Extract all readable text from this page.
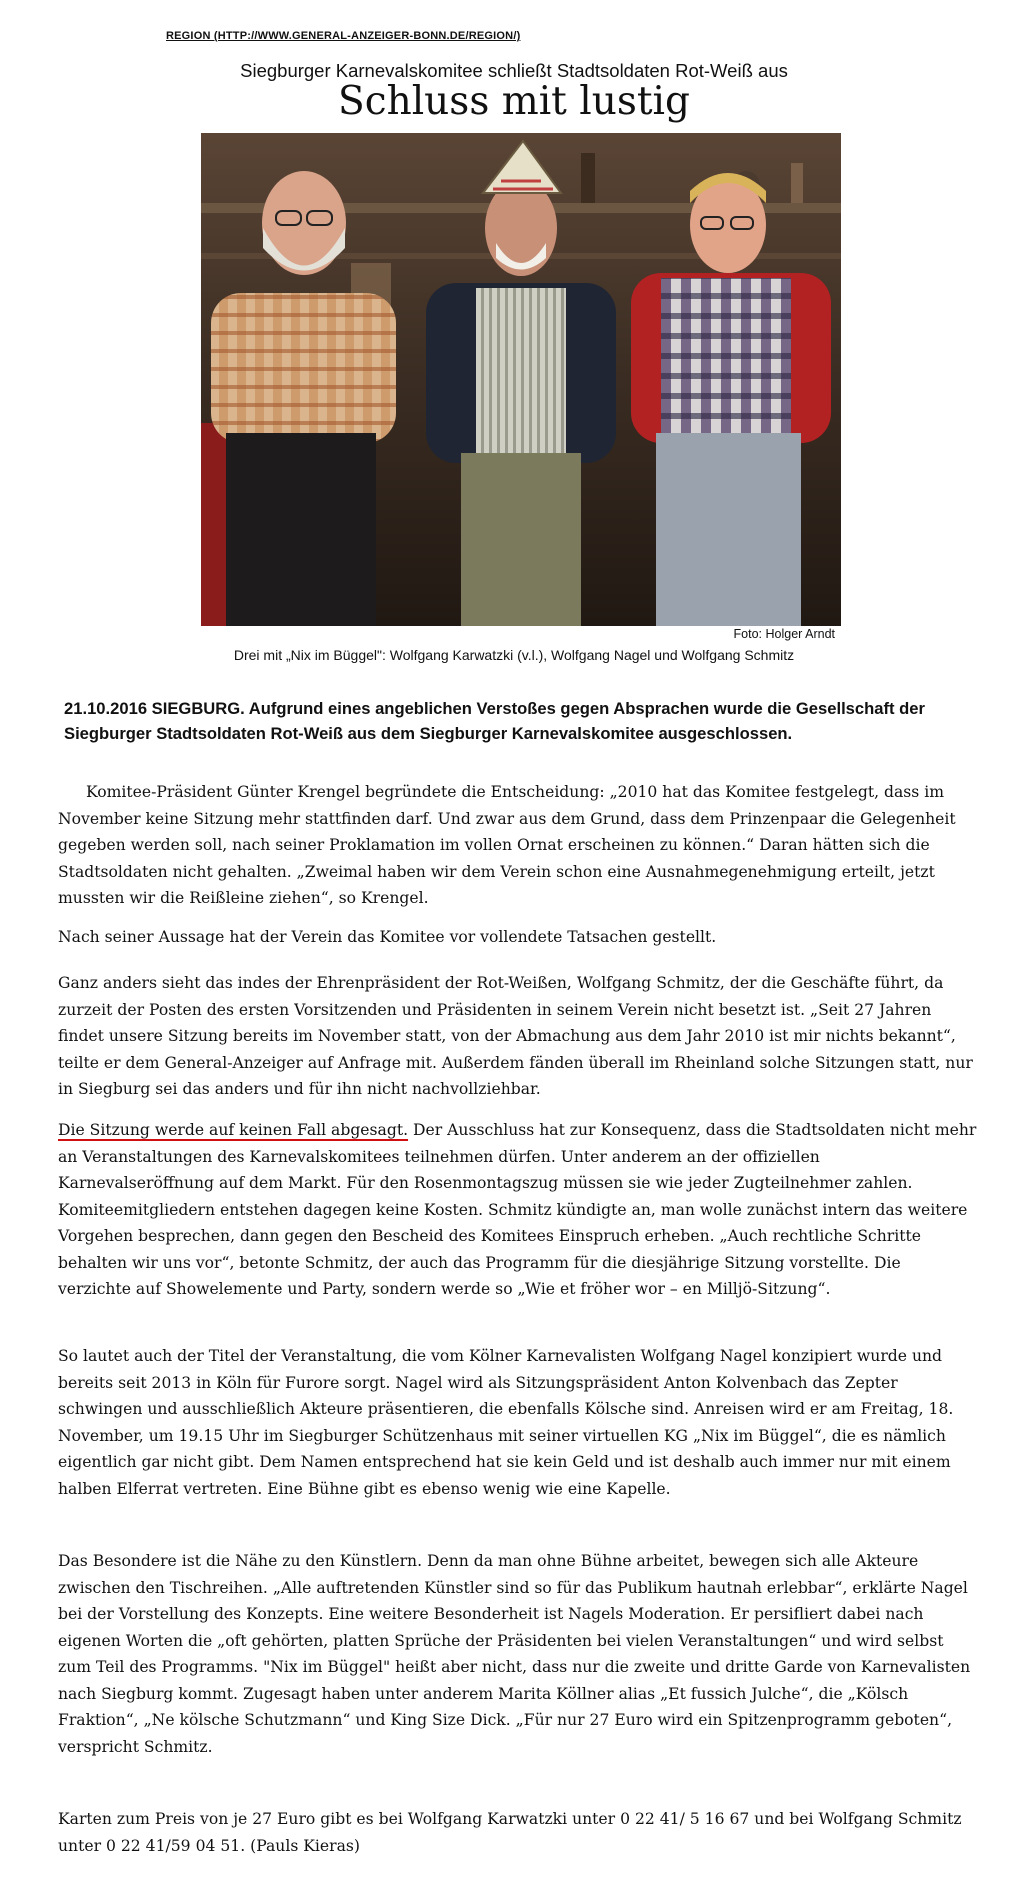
REGION (HTTP://WWW.GENERAL-ANZEIGER-BONN.DE/REGION/)
Siegburger Karnevalskomitee schließt Stadtsoldaten Rot-Weiß aus
Schluss mit lustig
Foto: Holger Arndt
Drei mit „Nix im Büggel": Wolfgang Karwatzki (v.l.), Wolfgang Nagel und Wolfgang Schmitz
21.10.2016 SIEGBURG. Aufgrund eines angeblichen Verstoßes gegen Absprachen wurde die Gesellschaft der Siegburger Stadtsoldaten Rot-Weiß aus dem Siegburger Karnevalskomitee ausgeschlossen.

Komitee-Präsident Günter Krengel begründete die Entscheidung: „2010 hat das Komitee festgelegt, dass im November keine Sitzung mehr stattfinden darf. Und zwar aus dem Grund, dass dem Prinzenpaar die Gelegenheit gegeben werden soll, nach seiner Proklamation im vollen Ornat erscheinen zu können.“ Daran hätten sich die Stadtsoldaten nicht gehalten. „Zweimal haben wir dem Verein schon eine Ausnahmegenehmigung erteilt, jetzt mussten wir die Reißleine ziehen“, so Krengel.

Nach seiner Aussage hat der Verein das Komitee vor vollendete Tatsachen gestellt.

Ganz anders sieht das indes der Ehrenpräsident der Rot-Weißen, Wolfgang Schmitz, der die Geschäfte führt, da zurzeit der Posten des ersten Vorsitzenden und Präsidenten in seinem Verein nicht besetzt ist. „Seit 27 Jahren findet unsere Sitzung bereits im November statt, von der Abmachung aus dem Jahr 2010 ist mir nichts bekannt“, teilte er dem General-Anzeiger auf Anfrage mit. Außerdem fänden überall im Rheinland solche Sitzungen statt, nur in Siegburg sei das anders und für ihn nicht nachvollziehbar.

Die Sitzung werde auf keinen Fall abgesagt. Der Ausschluss hat zur Konsequenz, dass die Stadtsoldaten nicht mehr an Veranstaltungen des Karnevalskomitees teilnehmen dürfen. Unter anderem an der offiziellen Karnevalseröffnung auf dem Markt. Für den Rosenmontagszug müssen sie wie jeder Zugteilnehmer zahlen. Komiteemitgliedern entstehen dagegen keine Kosten. Schmitz kündigte an, man wolle zunächst intern das weitere Vorgehen besprechen, dann gegen den Bescheid des Komitees Einspruch erheben. „Auch rechtliche Schritte behalten wir uns vor“, betonte Schmitz, der auch das Programm für die diesjährige Sitzung vorstellte. Die verzichte auf Showelemente und Party, sondern werde so „Wie et fröher wor – en Milljö-Sitzung“.

So lautet auch der Titel der Veranstaltung, die vom Kölner Karnevalisten Wolfgang Nagel konzipiert wurde und bereits seit 2013 in Köln für Furore sorgt. Nagel wird als Sitzungspräsident Anton Kolvenbach das Zepter schwingen und ausschließlich Akteure präsentieren, die ebenfalls Kölsche sind. Anreisen wird er am Freitag, 18. November, um 19.15 Uhr im Siegburger Schützenhaus mit seiner virtuellen KG „Nix im Büggel“, die es nämlich eigentlich gar nicht gibt. Dem Namen entsprechend hat sie kein Geld und ist deshalb auch immer nur mit einem halben Elferrat vertreten. Eine Bühne gibt es ebenso wenig wie eine Kapelle.

Das Besondere ist die Nähe zu den Künstlern. Denn da man ohne Bühne arbeitet, bewegen sich alle Akteure zwischen den Tischreihen. „Alle auftretenden Künstler sind so für das Publikum hautnah erlebbar“, erklärte Nagel bei der Vorstellung des Konzepts. Eine weitere Besonderheit ist Nagels Moderation. Er persifliert dabei nach eigenen Worten die „oft gehörten, platten Sprüche der Präsidenten bei vielen Veranstaltungen“ und wird selbst zum Teil des Programms. "Nix im Büggel" heißt aber nicht, dass nur die zweite und dritte Garde von Karnevalisten nach Siegburg kommt. Zugesagt haben unter anderem Marita Köllner alias „Et fussich Julche“, die „Kölsch Fraktion“, „Ne kölsche Schutzmann“ und King Size Dick. „Für nur 27 Euro wird ein Spitzenprogramm geboten“, verspricht Schmitz.

Karten zum Preis von je 27 Euro gibt es bei Wolfgang Karwatzki unter 0 22 41/ 5 16 67 und bei Wolfgang Schmitz unter 0 22 41/59 04 51. (Pauls Kieras)
